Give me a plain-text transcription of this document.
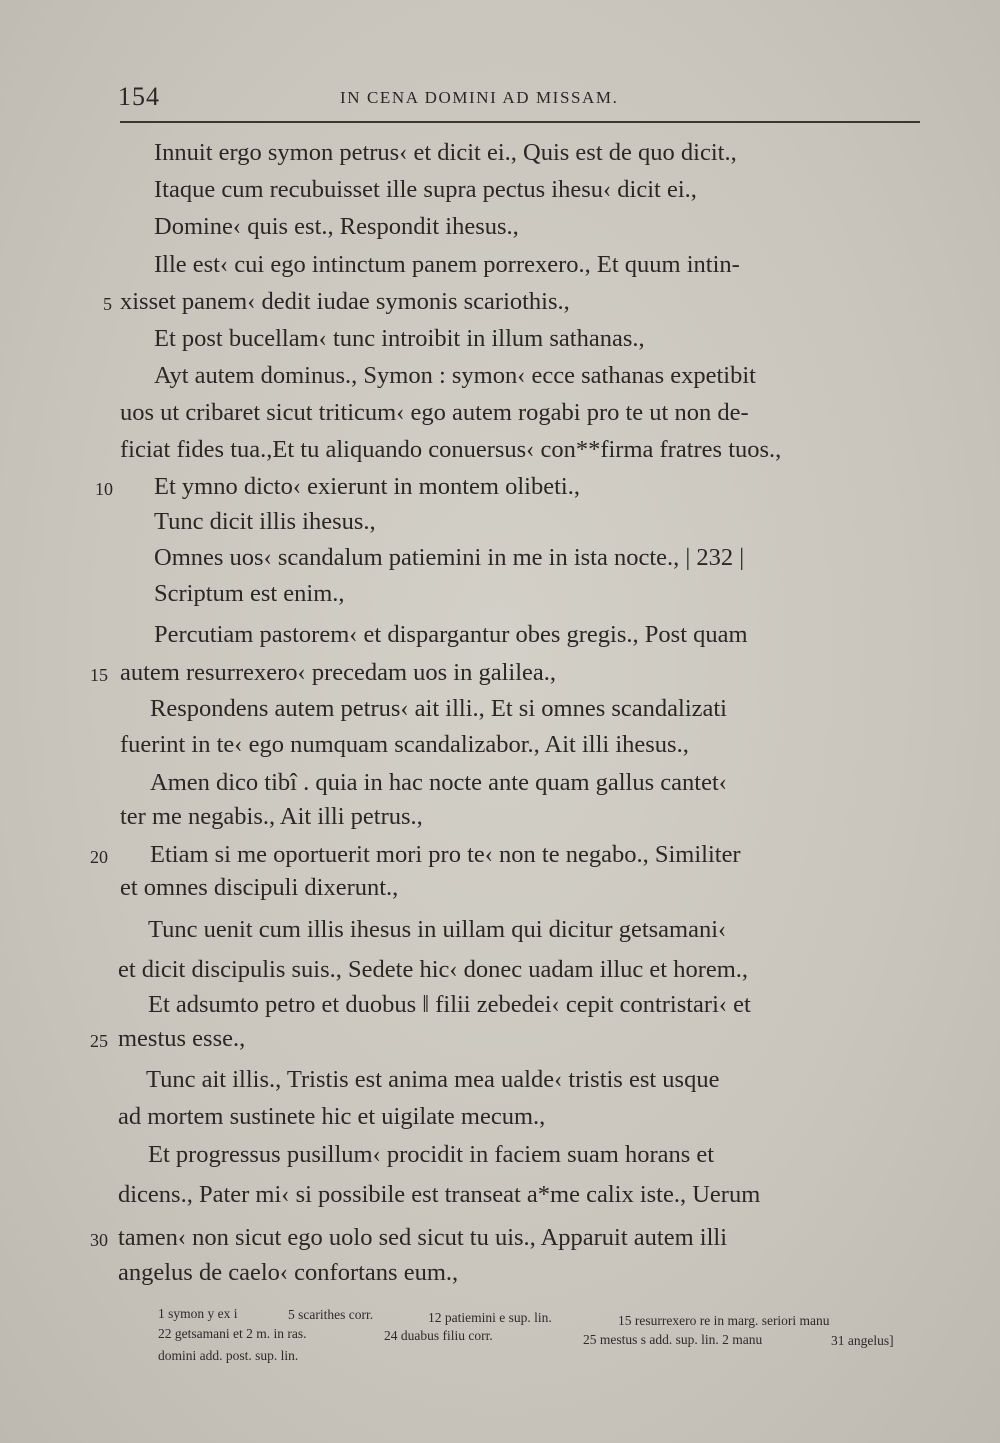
154	IN CENA DOMINI AD MISSAM.
Innuit ergo symon petrus‹ et dicit ei., Quis est de quo dicit.,
Itaque cum recubuisset ille supra pectus ihesu‹ dicit ei.,
Domine‹ quis est., Respondit ihesus.,
Ille est‹ cui ego intinctum panem porrexero., Et quum intin-
xisset panem‹ dedit iudae symonis scariothis.,
5
Et post bucellam‹ tunc introibit in illum sathanas.,
Ayt autem dominus., Symon : symon‹ ecce sathanas expetibit
uos ut cribaret sicut triticum‹ ego autem rogabi pro te ut non de-
ficiat fides tua.,Et tu aliquando conuersus‹ con**firma fratres tuos.,
Et ymno dicto‹ exierunt in montem olibeti.,
10
Tunc dicit illis ihesus.,
Omnes uos‹ scandalum patiemini in me in ista nocte., | 232 |
Scriptum est enim.,
Percutiam pastorem‹ et dispargantur obes gregis., Post quam
autem resurrexero‹ precedam uos in galilea.,
15
Respondens autem petrus‹ ait illi., Et si omnes scandalizati
fuerint in te‹ ego numquam scandalizabor., Ait illi ihesus.,
Amen dico tibî . quia in hac nocte ante quam gallus cantet‹
ter me negabis., Ait illi petrus.,
Etiam si me oportuerit mori pro te‹ non te negabo., Similiter
20
et omnes discipuli dixerunt.,
Tunc uenit cum illis ihesus in uillam qui dicitur getsamani‹
et dicit discipulis suis., Sedete hic‹ donec uadam illuc et horem.,
Et adsumto petro et duobus ‖ filii zebedei‹ cepit contristari‹ et
mestus esse.,
25
Tunc ait illis., Tristis est anima mea ualde‹ tristis est usque
ad mortem sustinete hic et uigilate mecum.,
Et progressus pusillum‹ procidit in faciem suam horans et
dicens., Pater mi‹ si possibile est transeat a*me calix iste., Uerum
tamen‹ non sicut ego uolo sed sicut tu uis., Apparuit autem illi
30
angelus de caelo‹ confortans eum.,
1 symon y ex i	5 scarithes corr.	12 patiemini e sup. lin.	15 resurrexero re in marg. seriori manu
22 getsamani et 2 m. in ras.	24 duabus filiu corr.	25 mestus s add. sup. lin. 2 manu	31 angelus]
domini add. post. sup. lin.
